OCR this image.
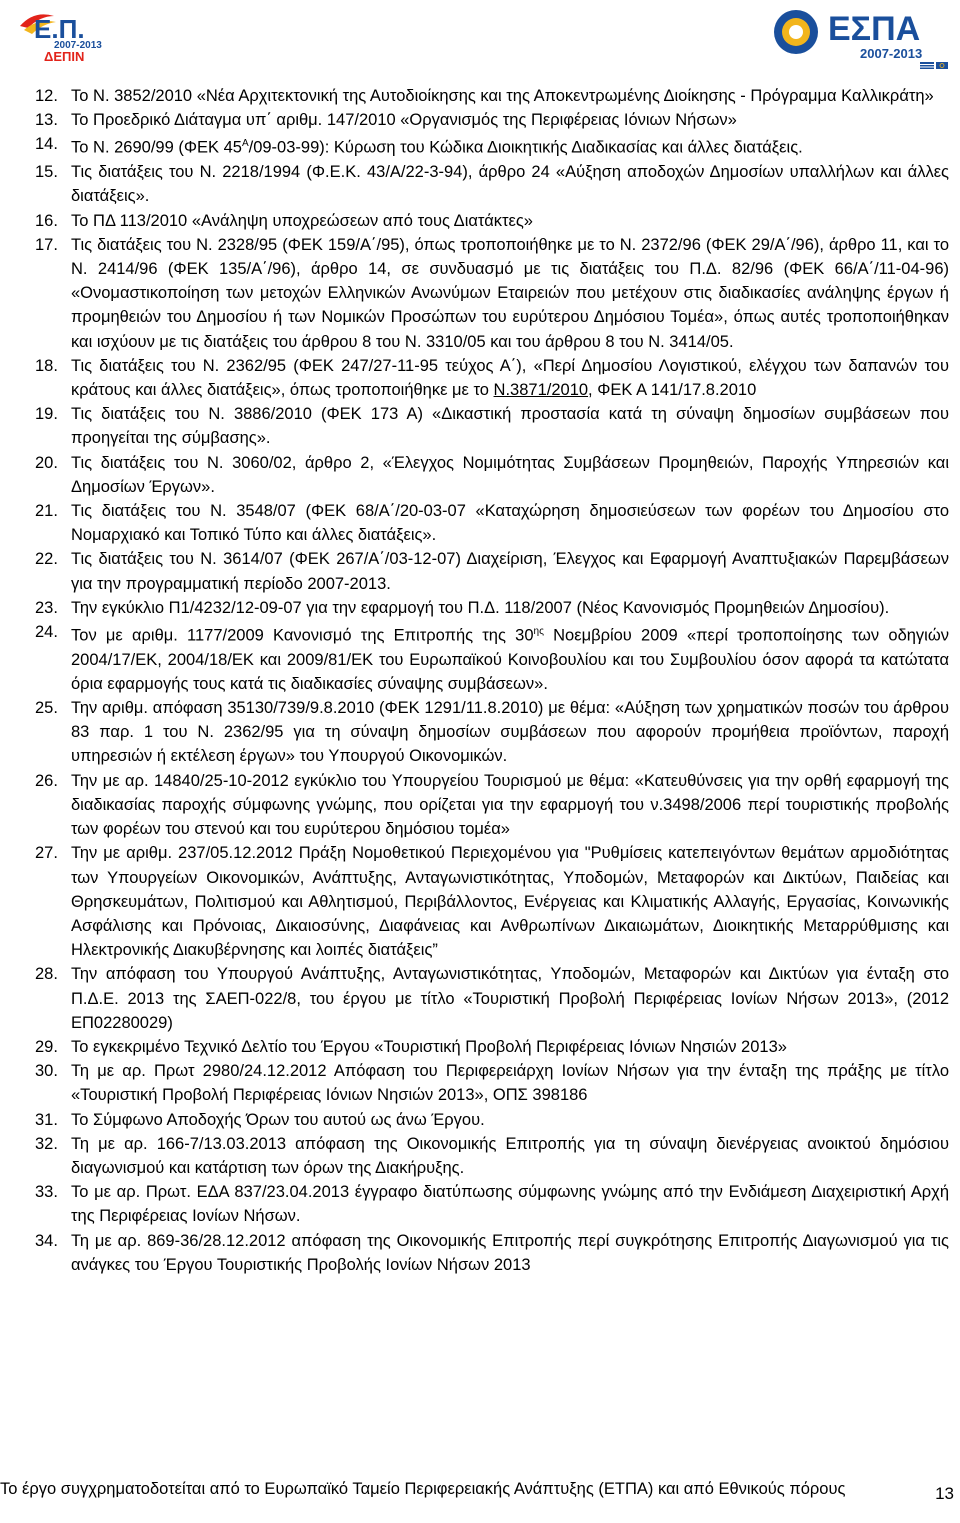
Ε.Π.
2007-2013
ΔΕΠΙΝ
ΕΣΠΑ
2007-2013
12. Το Ν. 3852/2010 «Νέα Αρχιτεκτονική της Αυτοδιοίκησης και της Αποκεντρωμένης Διοίκησης - Πρόγραμμα Καλλικράτη»
13. Το Προεδρικό Διάταγμα υπ΄ αριθμ. 147/2010 «Οργανισμός της Περιφέρειας Ιόνιων Νήσων»
14. Το Ν. 2690/99 (ΦΕΚ $45^A/09-03-99$): Κύρωση του Κώδικα Διοικητικής Διαδικασίας και άλλες διατάξεις.
15. Τις διατάξεις του Ν. 2218/1994 (Φ.Ε.Κ. 43/Α/22-3-94), άρθρο 24 «Αύξηση αποδοχών Δημοσίων υπαλλήλων και άλλες διατάξεις».
16. Το ΠΔ 113/2010 «Ανάληψη υποχρεώσεων από τους Διατάκτες»
17. Τις διατάξεις του Ν. 2328/95 (ΦΕΚ 159/Α΄/95), όπως τροποποιήθηκε με το Ν. 2372/96 (ΦΕΚ 29/Α΄/96), άρθρο 11, και το Ν. 2414/96 (ΦΕΚ 135/Α΄/96), άρθρο 14, σε συνδυασμό με τις διατάξεις του Π.Δ. 82/96 (ΦΕΚ 66/Α΄/11-04-96) «Ονομαστικοποίηση των μετοχών Ελληνικών Ανωνύμων Εταιρειών που μετέχουν στις διαδικασίες ανάληψης έργων ή προμηθειών του Δημοσίου ή των Νομικών Προσώπων του ευρύτερου Δημόσιου Τομέα», όπως αυτές τροποποιήθηκαν και ισχύουν με τις διατάξεις του άρθρου 8 του Ν. 3310/05 και του άρθρου 8 του Ν. 3414/05.
18. Τις διατάξεις του Ν. 2362/95 (ΦΕΚ 247/27-11-95 τεύχος Α΄), «Περί Δημοσίου Λογιστικού, ελέγχου των δαπανών του κράτους και άλλες διατάξεις», όπως τροποποιήθηκε με το Ν.3871/2010, ΦΕΚ Α 141/17.8.2010
19. Τις διατάξεις του Ν. 3886/2010 (ΦΕΚ 173 Α) «Δικαστική προστασία κατά τη σύναψη δημοσίων συμβάσεων που προηγείται της σύμβασης».
20. Τις διατάξεις του Ν. 3060/02, άρθρο 2, «Έλεγχος Νομιμότητας Συμβάσεων Προμηθειών, Παροχής Υπηρεσιών και Δημοσίων Έργων».
21. Τις διατάξεις του Ν. 3548/07 (ΦΕΚ 68/Α΄/20-03-07 «Καταχώρηση δημοσιεύσεων των φορέων του Δημοσίου στο Νομαρχιακό και Τοπικό Τύπο και άλλες διατάξεις».
22. Τις διατάξεις του Ν. 3614/07 (ΦΕΚ 267/Α΄/03-12-07) Διαχείριση, Έλεγχος και Εφαρμογή Αναπτυξιακών Παρεμβάσεων για την προγραμματική περίοδο 2007-2013.
23. Την εγκύκλιο Π1/4232/12-09-07 για την εφαρμογή του Π.Δ. 118/2007 (Νέος Κανονισμός Προμηθειών Δημοσίου).
24. Τον με αριθμ. 1177/2009 Κανονισμό της Επιτροπής της $30^{\eta\varsigma}$ Νοεμβρίου 2009 «περί τροποποίησης των οδηγιών 2004/17/ΕΚ, 2004/18/ΕΚ και 2009/81/ΕΚ του Ευρωπαϊκού Κοινοβουλίου και του Συμβουλίου όσον αφορά τα κατώτατα όρια εφαρμογής τους κατά τις διαδικασίες σύναψης συμβάσεων».
25. Την αριθμ. απόφαση 35130/739/9.8.2010 (ΦΕΚ 1291/11.8.2010) με θέμα: «Αύξηση των χρηματικών ποσών του άρθρου 83 παρ. 1 του Ν. 2362/95 για τη σύναψη δημοσίων συμβάσεων που αφορούν προμήθεια προϊόντων, παροχή υπηρεσιών ή εκτέλεση έργων» του Υπουργού Οικονομικών.
26. Την με αρ. 14840/25-10-2012 εγκύκλιο του Υπουργείου Τουρισμού με θέμα: «Κατευθύνσεις για την ορθή εφαρμογή της διαδικασίας παροχής σύμφωνης γνώμης, που ορίζεται για την εφαρμογή του ν.3498/2006 περί τουριστικής προβολής των φορέων του στενού και του ευρύτερου δημόσιου τομέα»
27. Την με αριθμ. 237/05.12.2012 Πράξη Νομοθετικού Περιεχομένου για "Ρυθμίσεις κατεπειγόντων θεμάτων αρμοδιότητας των Υπουργείων Οικονομικών, Ανάπτυξης, Ανταγωνιστικότητας, Υποδομών, Μεταφορών και Δικτύων, Παιδείας και Θρησκευμάτων, Πολιτισμού και Αθλητισμού, Περιβάλλοντος, Ενέργειας και Κλιματικής Αλλαγής, Εργασίας, Κοινωνικής Ασφάλισης και Πρόνοιας, Δικαιοσύνης, Διαφάνειας και Ανθρωπίνων Δικαιωμάτων, Διοικητικής Μεταρρύθμισης και Ηλεκτρονικής Διακυβέρνησης και λοιπές διατάξεις”
28. Την απόφαση του Υπουργού Ανάπτυξης, Ανταγωνιστικότητας, Υποδομών, Μεταφορών και Δικτύων για ένταξη στο Π.Δ.Ε. 2013 της ΣΑΕΠ-022/8, του έργου με τίτλο «Τουριστική Προβολή Περιφέρειας Ιονίων Νήσων 2013», (2012 ΕΠ02280029)
29. Το εγκεκριμένο Τεχνικό Δελτίο του Έργου «Τουριστική Προβολή Περιφέρειας Ιόνιων Νησιών 2013»
30. Τη με αρ. Πρωτ 2980/24.12.2012 Απόφαση του Περιφερειάρχη Ιονίων Νήσων για την ένταξη της πράξης με τίτλο «Τουριστική Προβολή Περιφέρειας Ιόνιων Νησιών 2013», ΟΠΣ 398186
31. Το Σύμφωνο Αποδοχής Όρων του αυτού ως άνω Έργου.
32. Τη με αρ. 166-7/13.03.2013 απόφαση της Οικονομικής Επιτροπής για τη σύναψη διενέργειας ανοικτού δημόσιου διαγωνισμού και κατάρτιση των όρων της Διακήρυξης.
33. Το με αρ. Πρωτ. ΕΔΑ 837/23.04.2013 έγγραφο διατύπωσης σύμφωνης γνώμης από την Ενδιάμεση Διαχειριστική Αρχή της Περιφέρειας Ιονίων Νήσων.
34. Τη με αρ. 869-36/28.12.2012 απόφαση της Οικονομικής Επιτροπής περί συγκρότησης Επιτροπής Διαγωνισμού για τις ανάγκες του Έργου Τουριστικής Προβολής Ιονίων Νήσων 2013
Το έργο συγχρηματοδοτείται από το Ευρωπαϊκό Ταμείο Περιφερειακής Ανάπτυξης (ΕΤΠΑ) και από Εθνικούς πόρους	13
